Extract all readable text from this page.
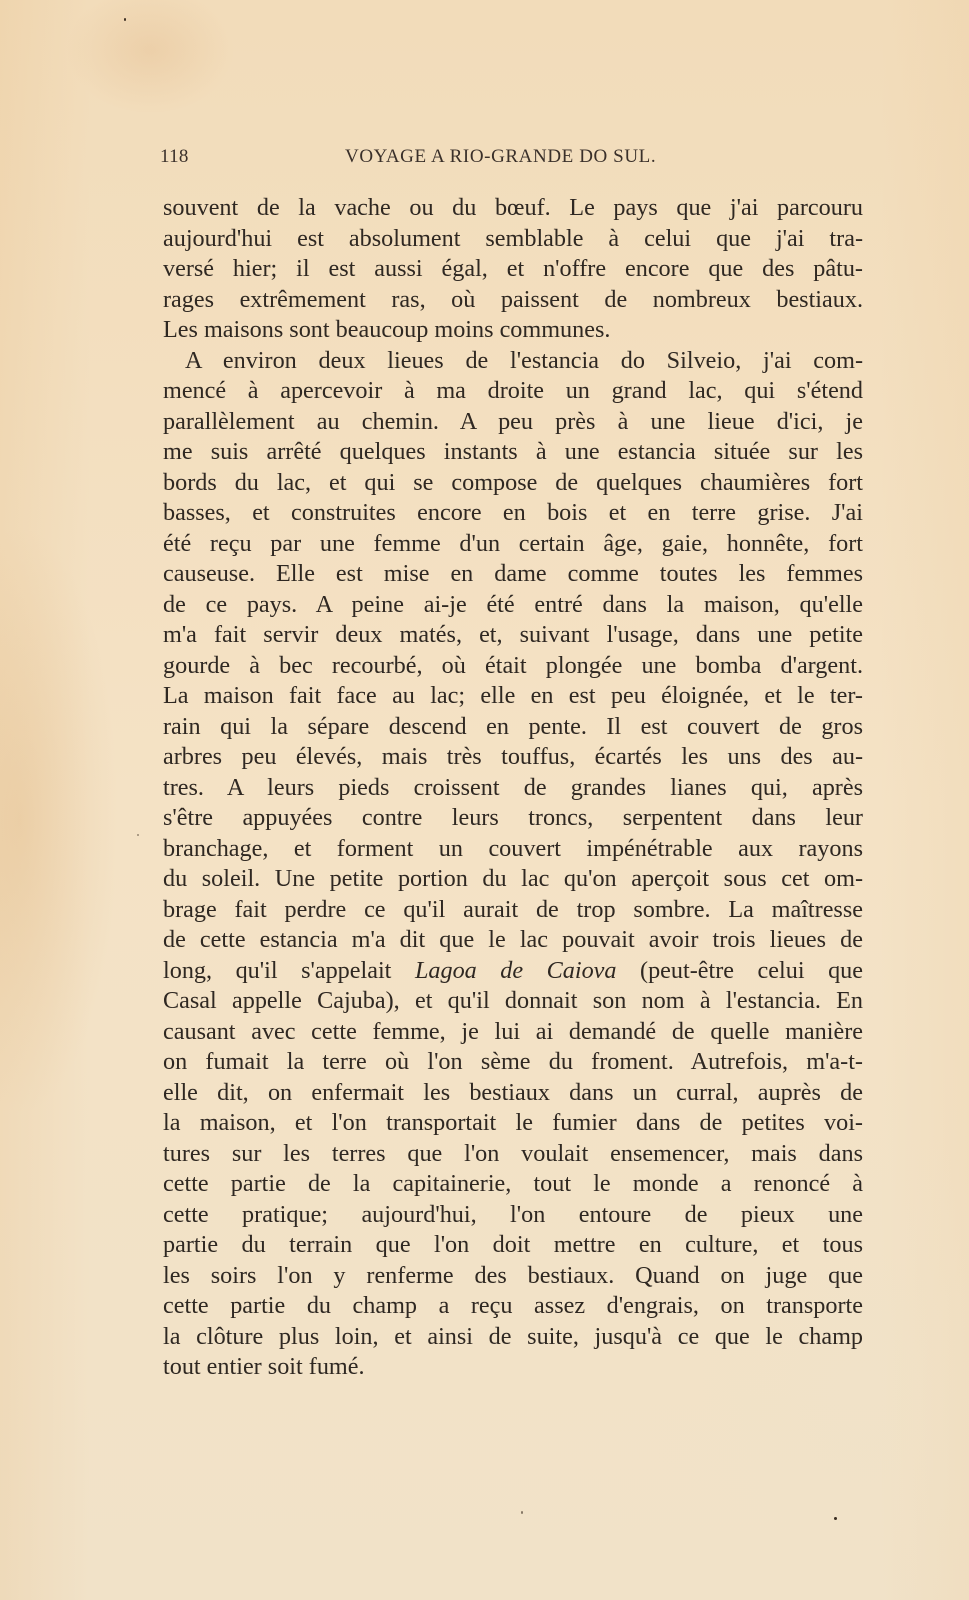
118	VOYAGE A RIO-GRANDE DO SUL.
souvent de la vache ou du bœuf. Le pays que j'ai parcouru
aujourd'hui est absolument semblable à celui que j'ai tra-
versé hier; il est aussi égal, et n'offre encore que des pâtu-
rages extrêmement ras, où paissent de nombreux bestiaux.
Les maisons sont beaucoup moins communes.
A environ deux lieues de l'estancia do Silveio, j'ai com-
mencé à apercevoir à ma droite un grand lac, qui s'étend
parallèlement au chemin. A peu près à une lieue d'ici, je
me suis arrêté quelques instants à une estancia située sur les
bords du lac, et qui se compose de quelques chaumières fort
basses, et construites encore en bois et en terre grise. J'ai
été reçu par une femme d'un certain âge, gaie, honnête, fort
causeuse. Elle est mise en dame comme toutes les femmes
de ce pays. A peine ai-je été entré dans la maison, qu'elle
m'a fait servir deux matés, et, suivant l'usage, dans une petite
gourde à bec recourbé, où était plongée une bomba d'argent.
La maison fait face au lac; elle en est peu éloignée, et le ter-
rain qui la sépare descend en pente. Il est couvert de gros
arbres peu élevés, mais très touffus, écartés les uns des au-
tres. A leurs pieds croissent de grandes lianes qui, après
s'être appuyées contre leurs troncs, serpentent dans leur
branchage, et forment un couvert impénétrable aux rayons
du soleil. Une petite portion du lac qu'on aperçoit sous cet om-
brage fait perdre ce qu'il aurait de trop sombre. La maîtresse
de cette estancia m'a dit que le lac pouvait avoir trois lieues de
long, qu'il s'appelait Lagoa de Caiova (peut-être celui que
Casal appelle Cajuba), et qu'il donnait son nom à l'estancia. En
causant avec cette femme, je lui ai demandé de quelle manière
on fumait la terre où l'on sème du froment. Autrefois, m'a-t-
elle dit, on enfermait les bestiaux dans un curral, auprès de
la maison, et l'on transportait le fumier dans de petites voi-
tures sur les terres que l'on voulait ensemencer, mais dans
cette partie de la capitainerie, tout le monde a renoncé à
cette pratique; aujourd'hui, l'on entoure de pieux une
partie du terrain que l'on doit mettre en culture, et tous
les soirs l'on y renferme des bestiaux. Quand on juge que
cette partie du champ a reçu assez d'engrais, on transporte
la clôture plus loin, et ainsi de suite, jusqu'à ce que le champ
tout entier soit fumé.
